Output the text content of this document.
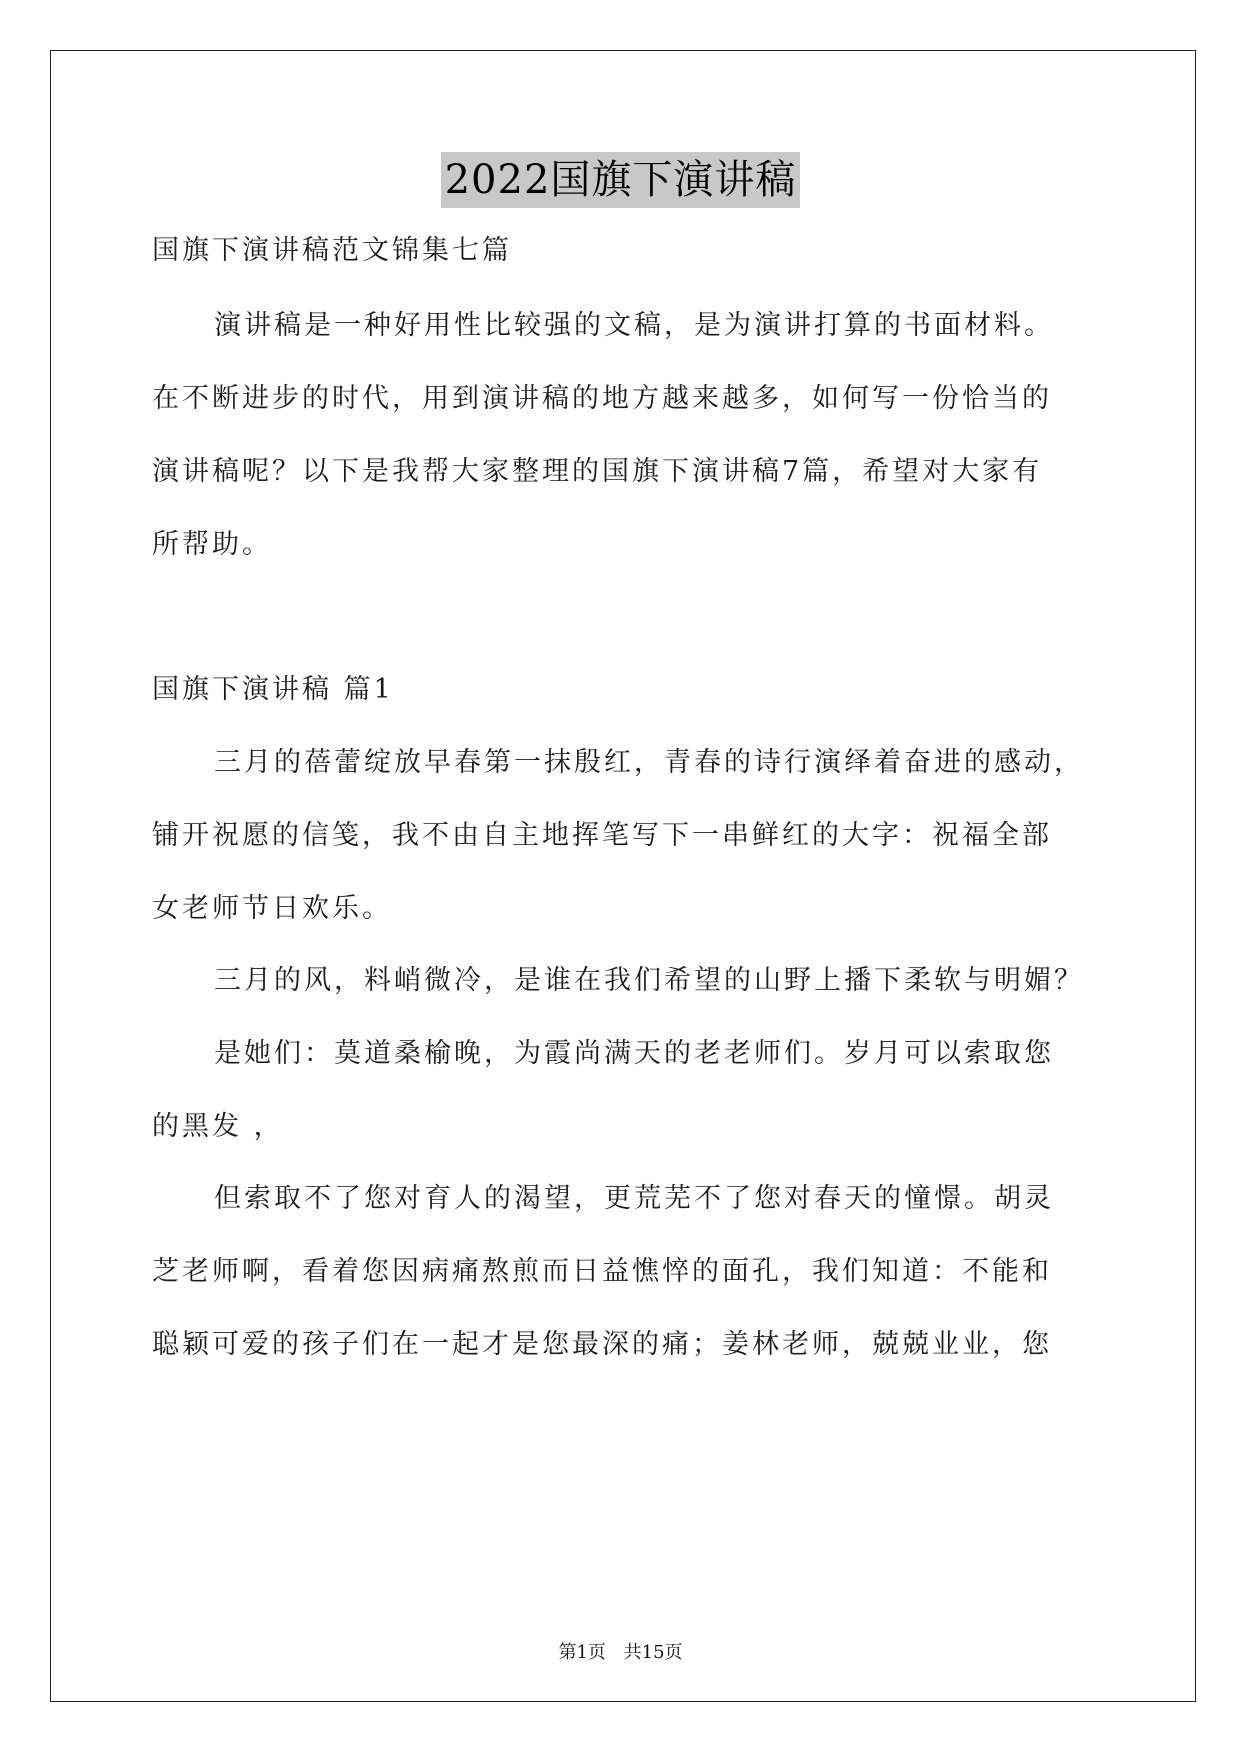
2022国旗下演讲稿
国旗下演讲稿范文锦集七篇
演讲稿是一种好用性比较强的文稿，是为演讲打算的书面材料。
在不断进步的时代，用到演讲稿的地方越来越多，如何写一份恰当的
演讲稿呢？以下是我帮大家整理的国旗下演讲稿7篇，希望对大家有
所帮助。
国旗下演讲稿 篇1
三月的蓓蕾绽放早春第一抹殷红，青春的诗行演绎着奋进的感动，
铺开祝愿的信笺，我不由自主地挥笔写下一串鲜红的大字：祝福全部
女老师节日欢乐。
三月的风，料峭微冷，是谁在我们希望的山野上播下柔软与明媚？
是她们：莫道桑榆晚，为霞尚满天的老老师们。岁月可以索取您
的黑发 ，
但索取不了您对育人的渴望，更荒芜不了您对春天的憧憬。胡灵
芝老师啊，看着您因病痛熬煎而日益憔悴的面孔，我们知道：不能和
聪颖可爱的孩子们在一起才是您最深的痛；姜林老师，兢兢业业，您
第1页 共15页
